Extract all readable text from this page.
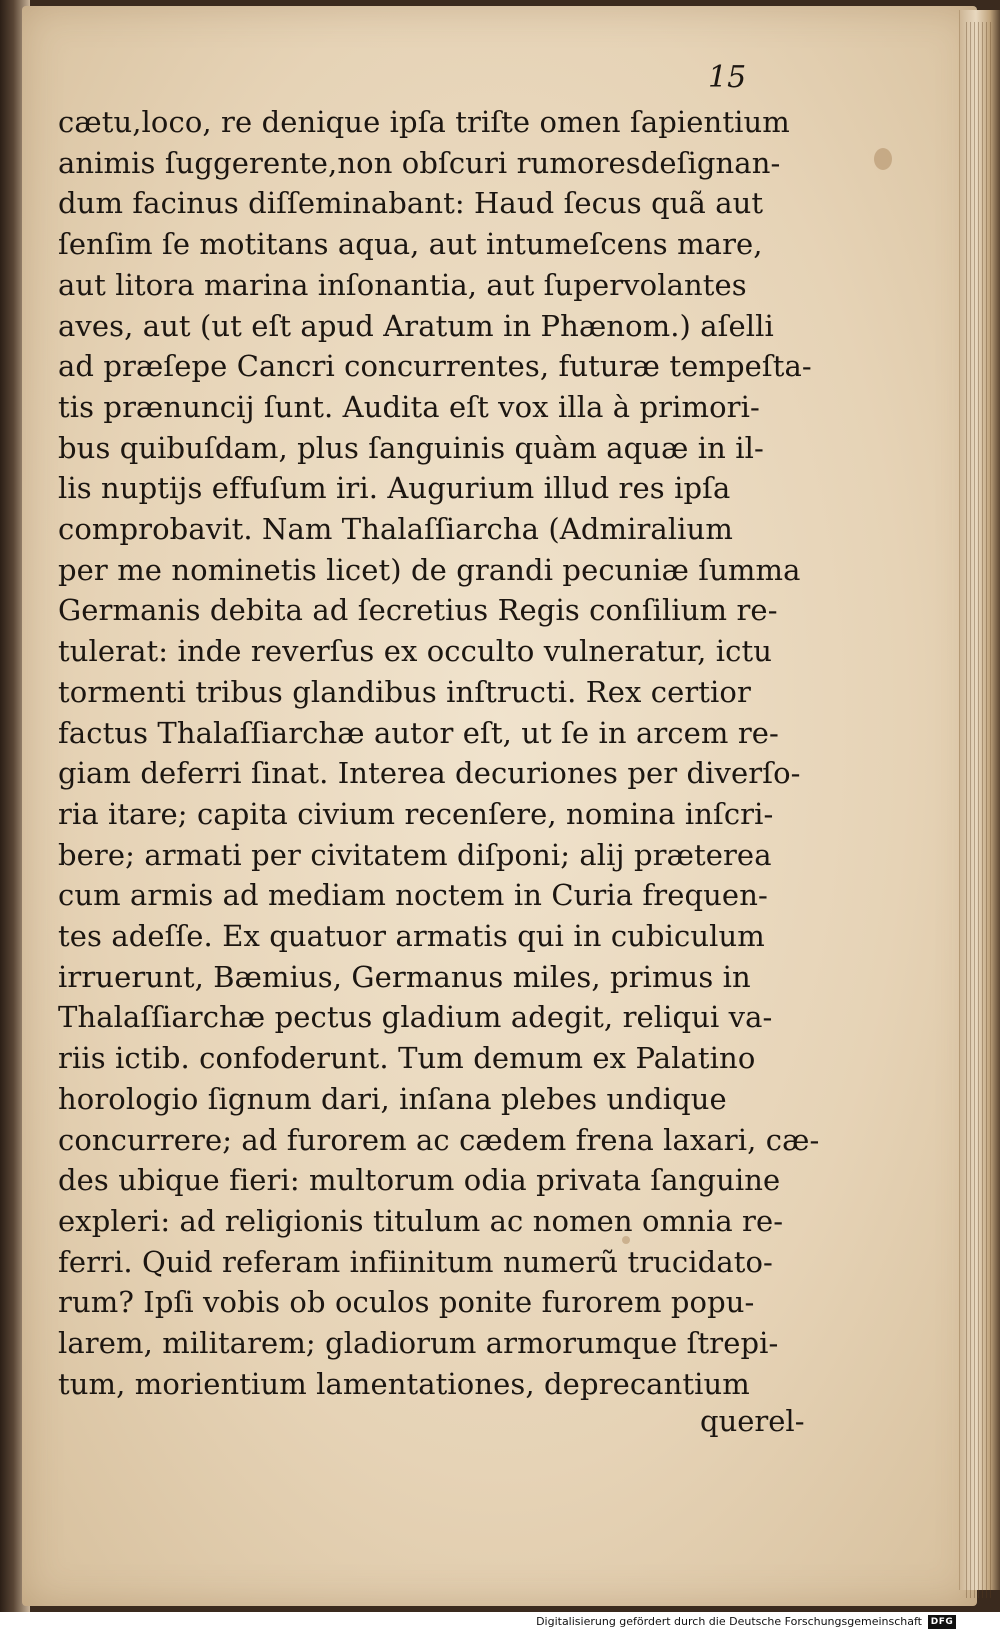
15
cætu,loco, re denique ipſa triſte omen ſapientium
animis ſuggerente,non obſcuri rumoresdeſignan-
dum facinus diſſeminabant: Haud ſecus quã aut
ſenſim ſe motitans aqua, aut intumeſcens mare,
aut litora marina inſonantia, aut ſupervolantes
aves, aut (ut eſt apud Aratum in Phænom.) aſelli
ad præſepe Cancri concurrentes, futuræ tempeſta-
tis prænuncij ſunt. Audita eſt vox illa à primori-
bus quibuſdam, plus ſanguinis quàm aquæ in il-
lis nuptijs effuſum iri. Augurium illud res ipſa
comprobavit. Nam Thalaſſiarcha (Admiralium
per me nominetis licet) de grandi pecuniæ ſumma
Germanis debita ad ſecretius Regis conſilium re-
tulerat: inde reverſus ex occulto vulneratur, ictu
tormenti tribus glandibus inſtructi. Rex certior
factus Thalaſſiarchæ autor eſt, ut ſe in arcem re-
giam deferri ſinat. Interea decuriones per diverſo-
ria itare; capita civium recenſere, nomina inſcri-
bere; armati per civitatem diſponi; alij præterea
cum armis ad mediam noctem in Curia frequen-
tes adeſſe. Ex quatuor armatis qui in cubiculum
irruerunt, Bæmius, Germanus miles, primus in
Thalaſſiarchæ pectus gladium adegit, reliqui va-
riis ictib. confoderunt. Tum demum ex Palatino
horologio ſignum dari, inſana plebes undique
concurrere; ad furorem ac cædem frena laxari, cæ-
des ubique fieri: multorum odia privata ſanguine
expleri: ad religionis titulum ac nomen omnia re-
ferri. Quid referam infiinitum numerũ trucidato-
rum? Ipſi vobis ob oculos ponite furorem popu-
larem, militarem; gladiorum armorumque ſtrepi-
tum, morientium lamentationes, deprecantium
querel-
Digitalisierung gefördert durch die Deutsche Forschungsgemeinschaft DFG
